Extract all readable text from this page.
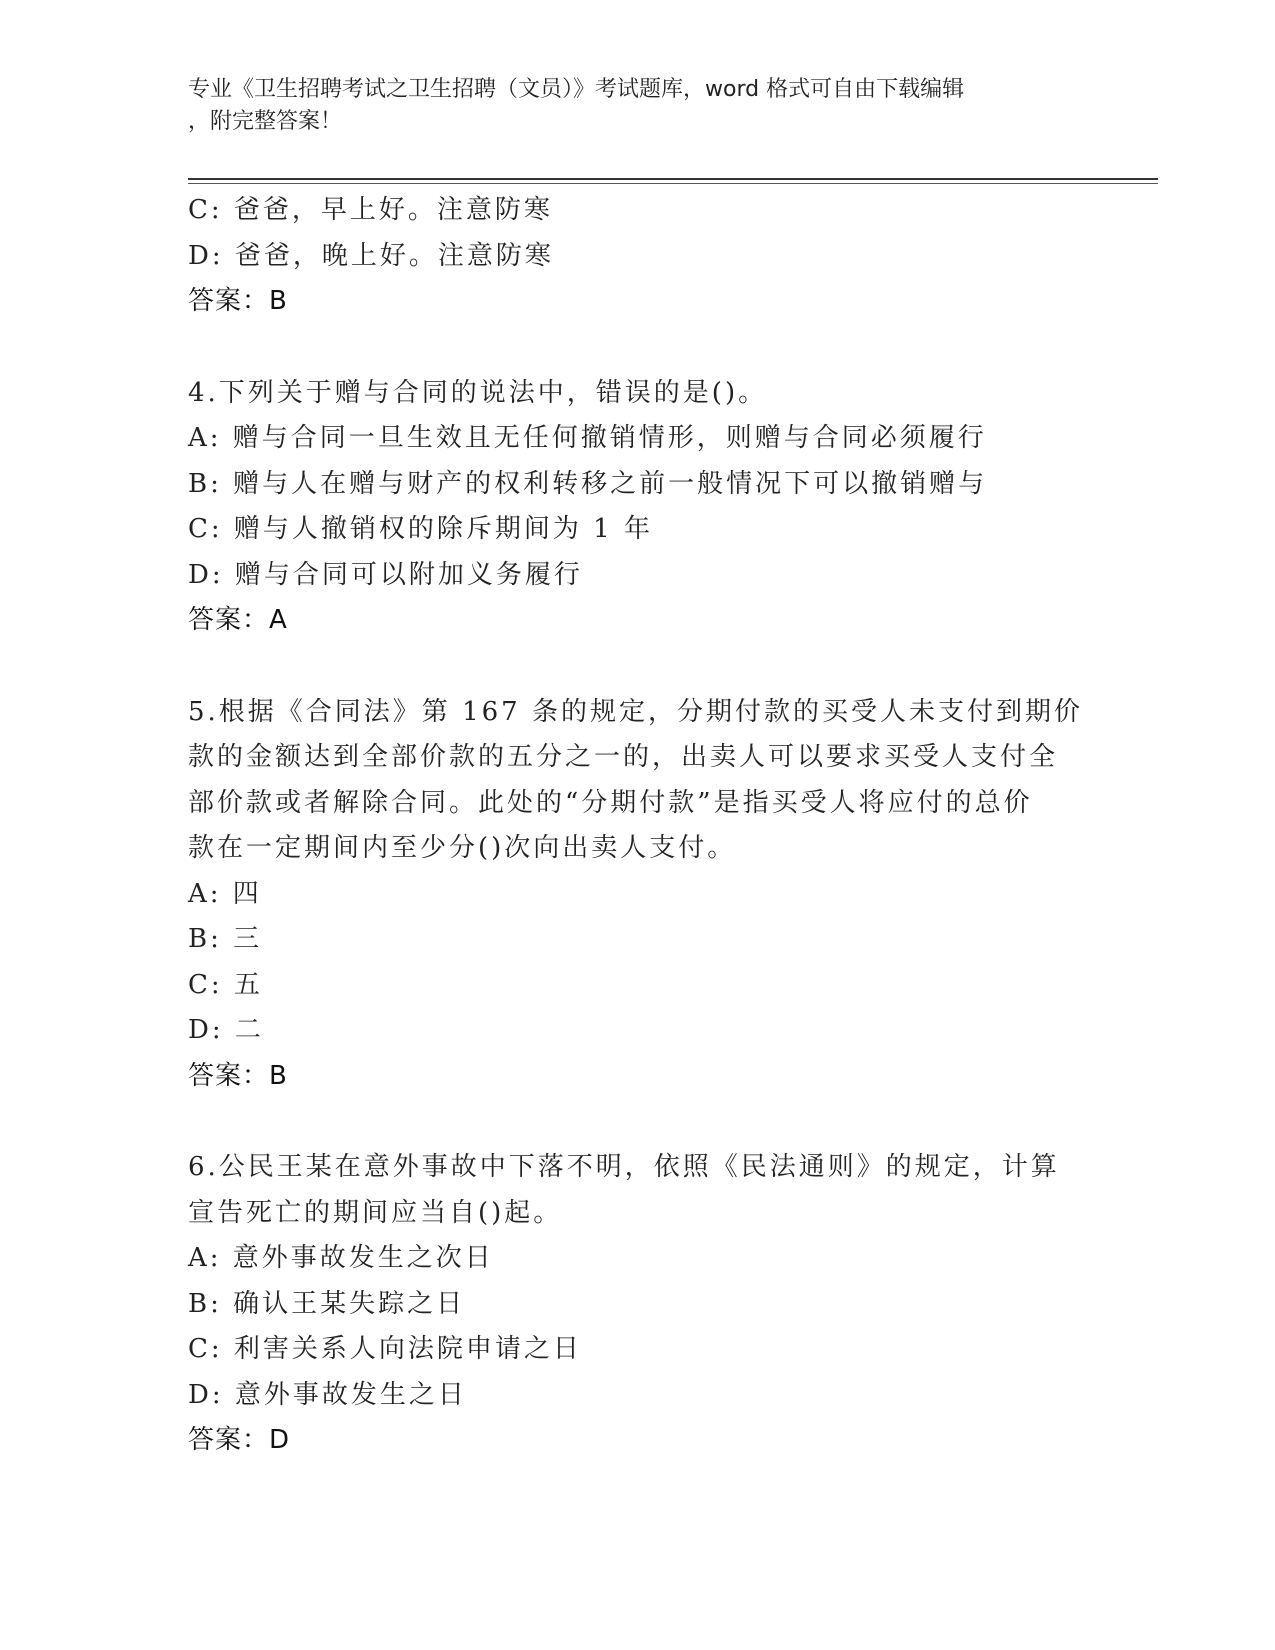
专业《卫生招聘考试之卫生招聘（文员）》考试题库，word 格式可自由下载编辑
，附完整答案！
C: 爸爸，早上好。注意防寒
D: 爸爸，晚上好。注意防寒
答案：B
4.下列关于赠与合同的说法中，错误的是()。
A: 赠与合同一旦生效且无任何撤销情形，则赠与合同必须履行
B: 赠与人在赠与财产的权利转移之前一般情况下可以撤销赠与
C: 赠与人撤销权的除斥期间为 1 年
D: 赠与合同可以附加义务履行
答案：A
5.根据《合同法》第 167 条的规定，分期付款的买受人未支付到期价
款的金额达到全部价款的五分之一的，出卖人可以要求买受人支付全
部价款或者解除合同。此处的“分期付款”是指买受人将应付的总价
款在一定期间内至少分()次向出卖人支付。
A: 四
B: 三
C: 五
D: 二
答案：B
6.公民王某在意外事故中下落不明，依照《民法通则》的规定，计算
宣告死亡的期间应当自()起。
A: 意外事故发生之次日
B: 确认王某失踪之日
C: 利害关系人向法院申请之日
D: 意外事故发生之日
答案：D
